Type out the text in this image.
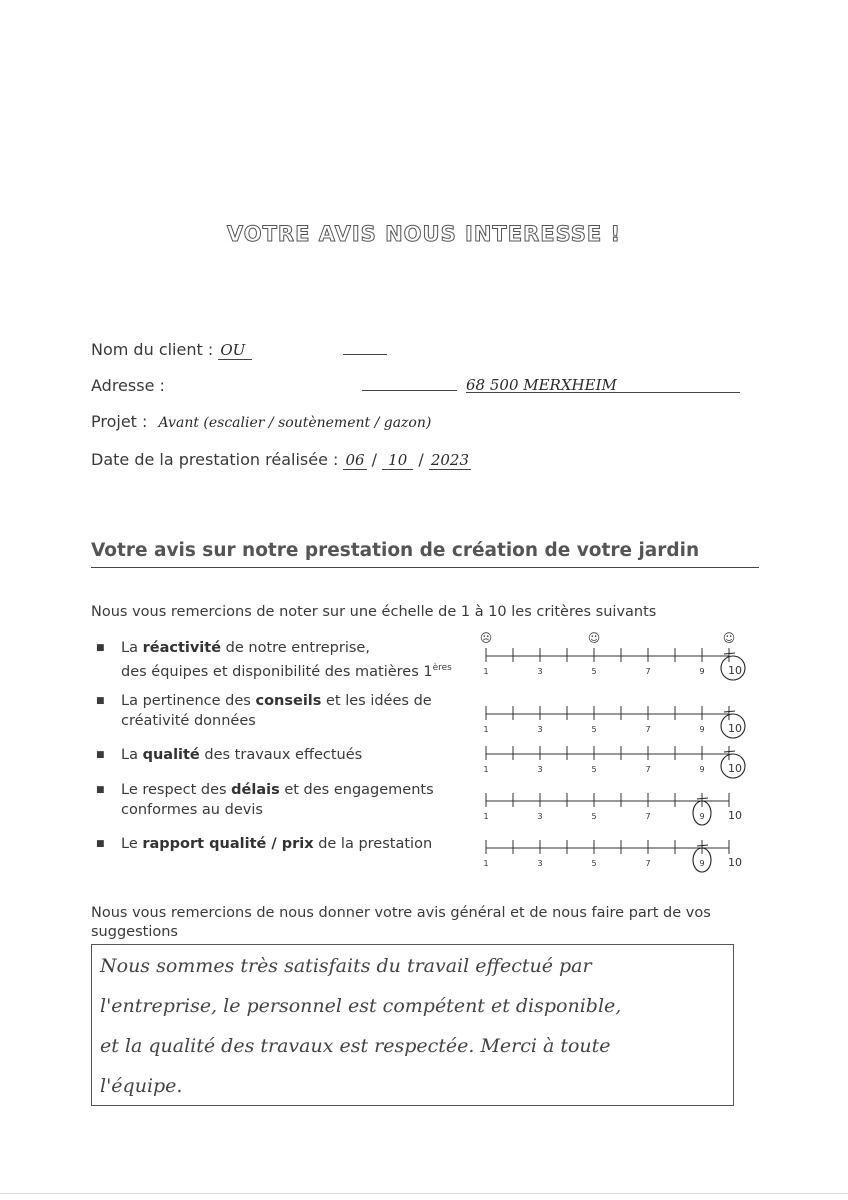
VOTRE AVIS NOUS INTERESSE !
Nom du client : OU
Adresse :	68 500 MERXHEIM
Projet : Avant (escalier / soutènement / gazon)
Date de la prestation réalisée : 06 / 10 / 2023
Votre avis sur notre prestation de création de votre jardin
Nous vous remercions de noter sur une échelle de 1 à 10 les critères suivants
■ La réactivité de notre entreprise,
des équipes et disponibilité des matières 1ères
■ La pertinence des conseils et les idées de
créativité données
■ La qualité des travaux effectués
■ Le respect des délais et des engagements
conformes au devis
■ Le rapport qualité / prix de la prestation
☹	☺	☺
1	3	5	7	9 10
1	3	5	7	9 10
1	3	5	7	9 10
1	3	5	7	9 10
1	3	5	7	9 10
Nous vous remercions de nous donner votre avis général et de nous faire part de vos suggestions
Nous sommes très satisfaits du travail effectué par
l'entreprise, le personnel est compétent et disponible,
et la qualité des travaux est respectée. Merci à toute
l'équipe.
